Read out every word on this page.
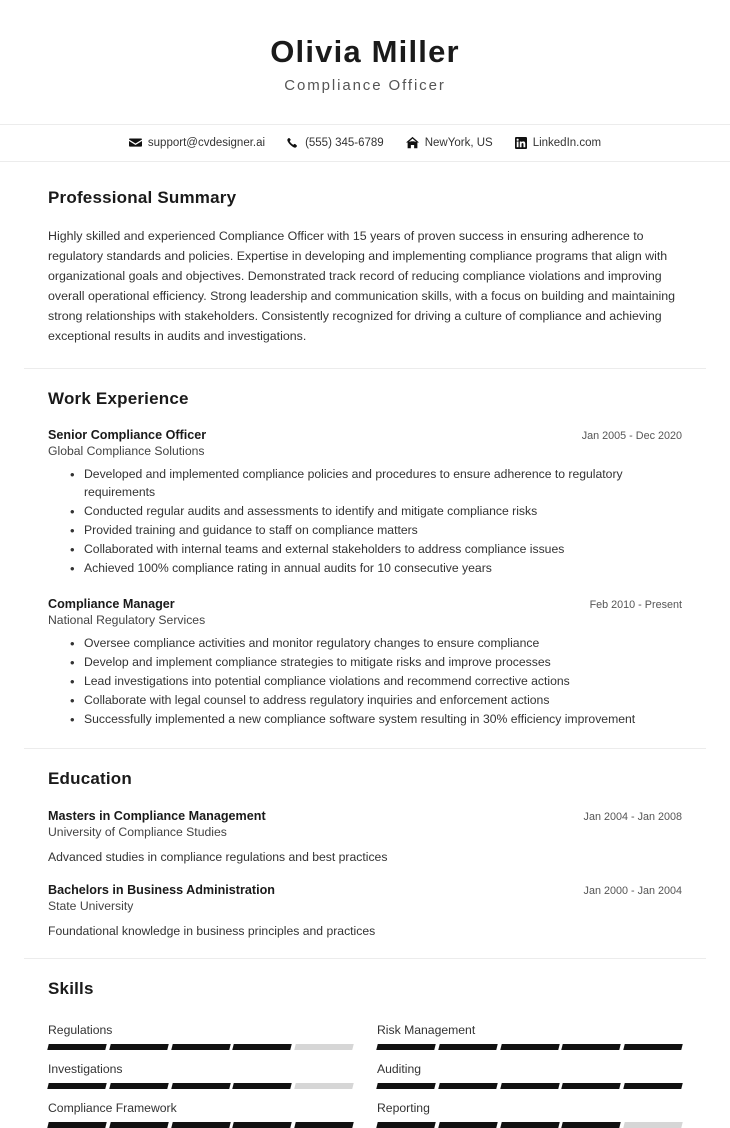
Olivia Miller
Compliance Officer
support@cvdesigner.ai	(555) 345-6789	NewYork, US	LinkedIn.com
Professional Summary
Highly skilled and experienced Compliance Officer with 15 years of proven success in ensuring adherence to regulatory standards and policies. Expertise in developing and implementing compliance programs that align with organizational goals and objectives. Demonstrated track record of reducing compliance violations and improving overall operational efficiency. Strong leadership and communication skills, with a focus on building and maintaining strong relationships with stakeholders. Consistently recognized for driving a culture of compliance and achieving exceptional results in audits and investigations.
Work Experience
Senior Compliance Officer	Jan 2005 - Dec 2020
Global Compliance Solutions
• Developed and implemented compliance policies and procedures to ensure adherence to regulatory requirements
• Conducted regular audits and assessments to identify and mitigate compliance risks
• Provided training and guidance to staff on compliance matters
• Collaborated with internal teams and external stakeholders to address compliance issues
• Achieved 100% compliance rating in annual audits for 10 consecutive years
Compliance Manager	Feb 2010 - Present
National Regulatory Services
• Oversee compliance activities and monitor regulatory changes to ensure compliance
• Develop and implement compliance strategies to mitigate risks and improve processes
• Lead investigations into potential compliance violations and recommend corrective actions
• Collaborate with legal counsel to address regulatory inquiries and enforcement actions
• Successfully implemented a new compliance software system resulting in 30% efficiency improvement
Education
Masters in Compliance Management	Jan 2004 - Jan 2008
University of Compliance Studies
Advanced studies in compliance regulations and best practices
Bachelors in Business Administration	Jan 2000 - Jan 2004
State University
Foundational knowledge in business principles and practices
Skills
Regulations	Risk Management
Investigations	Auditing
Compliance Framework	Reporting
